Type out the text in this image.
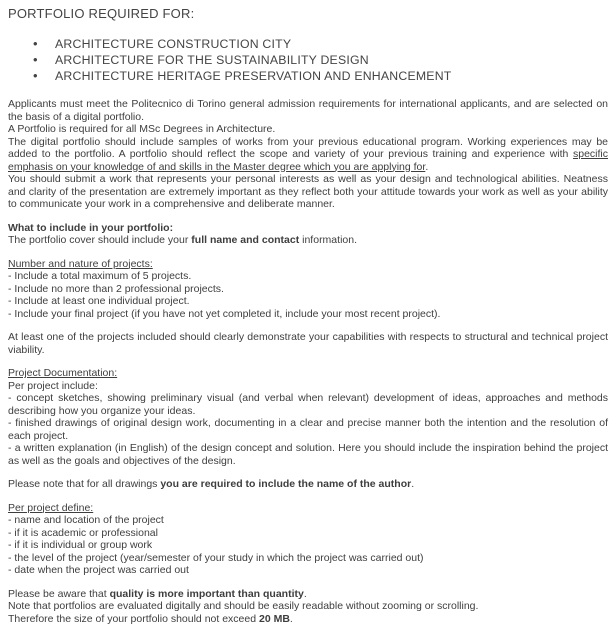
PORTFOLIO REQUIRED FOR:
• ARCHITECTURE CONSTRUCTION CITY
• ARCHITECTURE FOR THE SUSTAINABILITY DESIGN
• ARCHITECTURE HERITAGE PRESERVATION AND ENHANCEMENT
Applicants must meet the Politecnico di Torino general admission requirements for international applicants, and are selected on the basis of a digital portfolio.
A Portfolio is required for all MSc Degrees in Architecture.
The digital portfolio should include samples of works from your previous educational program. Working experiences may be added to the portfolio. A portfolio should reflect the scope and variety of your previous training and experience with specific emphasis on your knowledge of and skills in the Master degree which you are applying for.
You should submit a work that represents your personal interests as well as your design and technological abilities. Neatness and clarity of the presentation are extremely important as they reflect both your attitude towards your work as well as your ability to communicate your work in a comprehensive and deliberate manner.
What to include in your portfolio:
The portfolio cover should include your full name and contact information.
Number and nature of projects:
- Include a total maximum of 5 projects.
- Include no more than 2 professional projects.
- Include at least one individual project.
- Include your final project (if you have not yet completed it, include your most recent project).
At least one of the projects included should clearly demonstrate your capabilities with respects to structural and technical project viability.
Project Documentation:
Per project include:
- concept sketches, showing preliminary visual (and verbal when relevant) development of ideas, approaches and methods describing how you organize your ideas.
- finished drawings of original design work, documenting in a clear and precise manner both the intention and the resolution of each project.
- a written explanation (in English) of the design concept and solution. Here you should include the inspiration behind the project as well as the goals and objectives of the design.
Please note that for all drawings you are required to include the name of the author.
Per project define:
- name and location of the project
- if it is academic or professional
- if it is individual or group work
- the level of the project (year/semester of your study in which the project was carried out)
- date when the project was carried out
Please be aware that quality is more important than quantity.
Note that portfolios are evaluated digitally and should be easily readable without zooming or scrolling.
Therefore the size of your portfolio should not exceed 20 MB.
